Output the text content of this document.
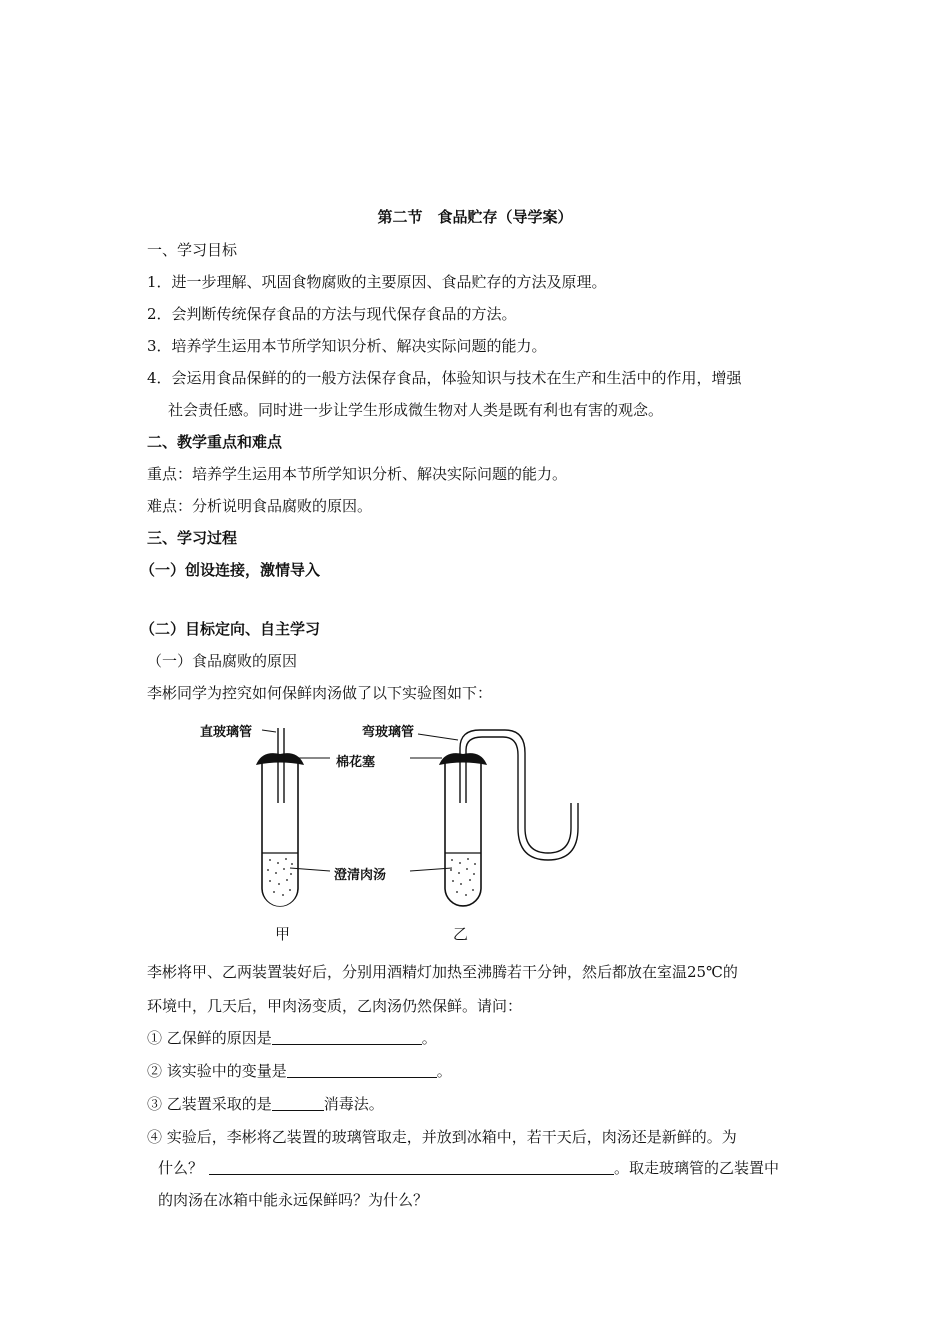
第二节　食品贮存（导学案）
一、学习目标
1．进一步理解、巩固食物腐败的主要原因、食品贮存的方法及原理。
2．会判断传统保存食品的方法与现代保存食品的方法。
3．培养学生运用本节所学知识分析、解决实际问题的能力。
4．会运用食品保鲜的的一般方法保存食品，体验知识与技术在生产和生活中的作用，增强
社会责任感。同时进一步让学生形成微生物对人类是既有利也有害的观念。
二、教学重点和难点
重点：培养学生运用本节所学知识分析、解决实际问题的能力。
难点：分析说明食品腐败的原因。
三、学习过程
（一）创设连接，激情导入
（二）目标定向、自主学习
（一）食品腐败的原因
李彬同学为控究如何保鲜肉汤做了以下实验图如下：
直玻璃管	弯玻璃管
棉花塞
澄清肉汤
甲	乙
李彬将甲、乙两装置装好后，分别用酒精灯加热至沸腾若干分钟，然后都放在室温25℃的
环境中，几天后，甲肉汤变质，乙肉汤仍然保鲜。请问：
① 乙保鲜的原因是	。
② 该实验中的变量是	。
③ 乙装置采取的是	消毒法。
④ 实验后，李彬将乙装置的玻璃管取走，并放到冰箱中，若干天后，肉汤还是新鲜的。为
什么？	。取走玻璃管的乙装置中
的肉汤在冰箱中能永远保鲜吗？为什么？
